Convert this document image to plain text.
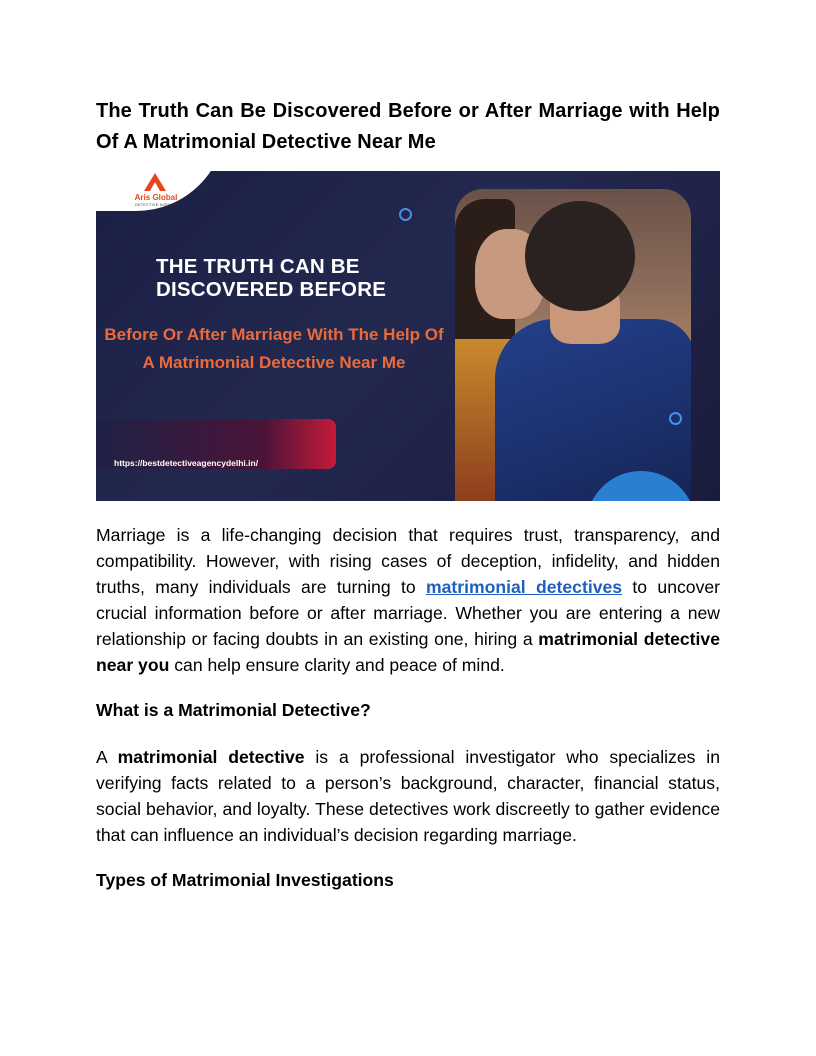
The Truth Can Be Discovered Before or After Marriage with Help Of A Matrimonial Detective Near Me
Aris Global
DETECTIVE AGENCY
THE TRUTH CAN BE
DISCOVERED BEFORE
Before Or After Marriage With The Help Of A Matrimonial Detective Near Me
https://bestdetectiveagencydelhi.in/

Marriage is a life-changing decision that requires trust, transparency, and compatibility. However, with rising cases of deception, infidelity, and hidden truths, many individuals are turning to matrimonial detectives to uncover crucial information before or after marriage. Whether you are entering a new relationship or facing doubts in an existing one, hiring a matrimonial detective near you can help ensure clarity and peace of mind.

What is a Matrimonial Detective?

A matrimonial detective is a professional investigator who specializes in verifying facts related to a person’s background, character, financial status, social behavior, and loyalty. These detectives work discreetly to gather evidence that can influence an individual’s decision regarding marriage.

Types of Matrimonial Investigations
